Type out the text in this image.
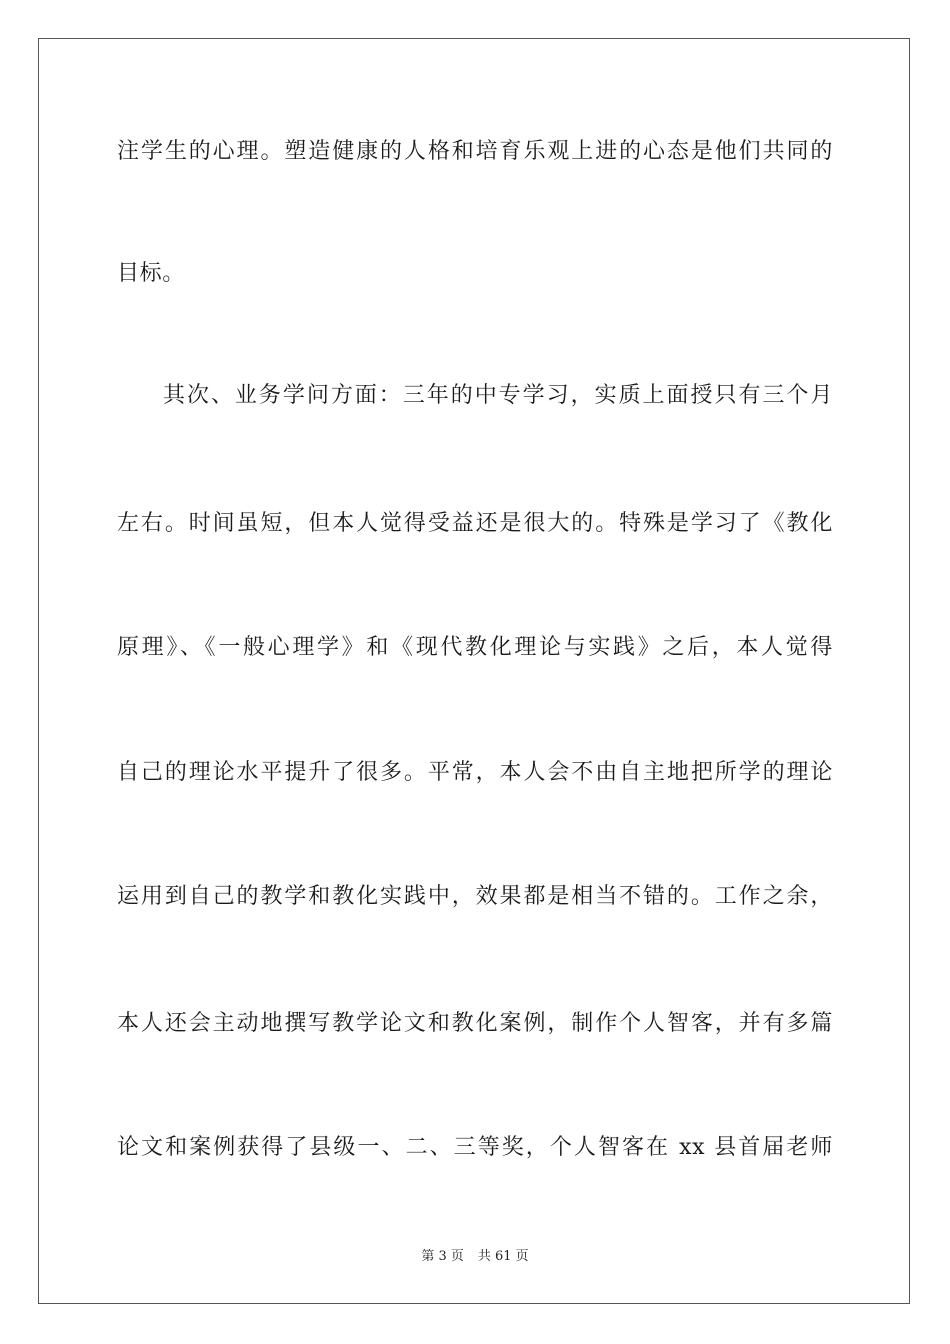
注学生的心理。塑造健康的人格和培育乐观上进的心态是他们共同的
目标。
其次、业务学问方面：三年的中专学习，实质上面授只有三个月
左右。时间虽短，但本人觉得受益还是很大的。特殊是学习了《教化
原理》、《一般心理学》和《现代教化理论与实践》之后，本人觉得
自己的理论水平提升了很多。平常，本人会不由自主地把所学的理论
运用到自己的教学和教化实践中，效果都是相当不错的。工作之余，
本人还会主动地撰写教学论文和教化案例，制作个人智客，并有多篇
论文和案例获得了县级一、二、三等奖，个人智客在 xx 县首届老师
第 3 页 共 61 页
